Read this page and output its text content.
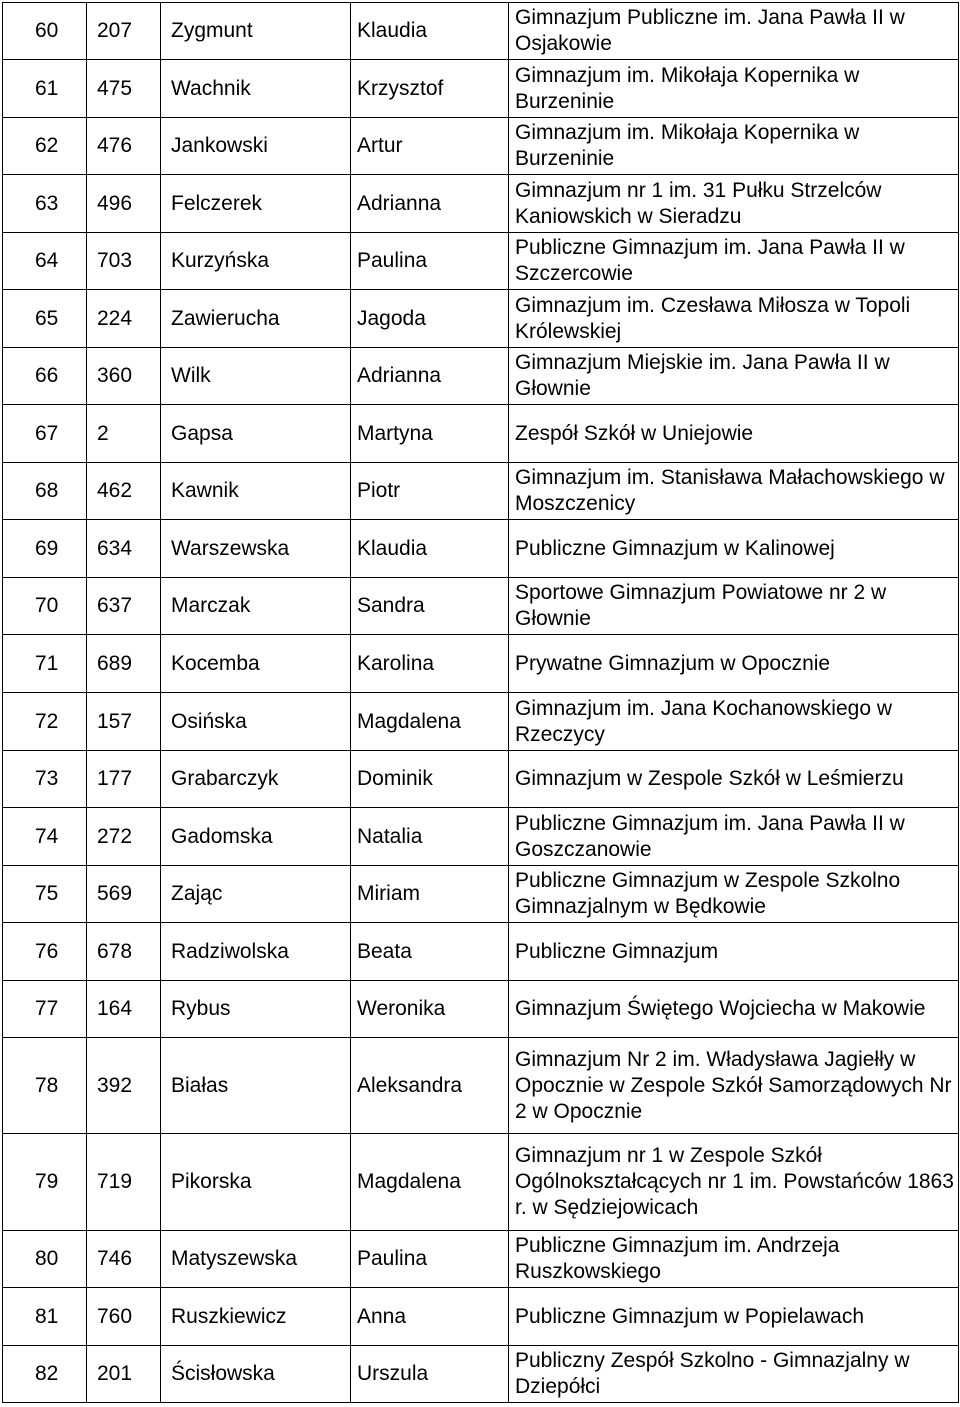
60	207	Zygmunt	Klaudia	Gimnazjum Publiczne im. Jana Pawła II w Osjakowie
61	475	Wachnik	Krzysztof	Gimnazjum im. Mikołaja Kopernika w Burzeninie
62	476	Jankowski	Artur	Gimnazjum im. Mikołaja Kopernika w Burzeninie
63	496	Felczerek	Adrianna	Gimnazjum nr 1 im. 31 Pułku Strzelców Kaniowskich w Sieradzu
64	703	Kurzyńska	Paulina	Publiczne Gimnazjum im. Jana Pawła II w Szczercowie
65	224	Zawierucha	Jagoda	Gimnazjum im. Czesława Miłosza w Topoli Królewskiej
66	360	Wilk	Adrianna	Gimnazjum Miejskie im. Jana Pawła II w Głownie
67	2	Gapsa	Martyna	Zespół Szkół w Uniejowie
68	462	Kawnik	Piotr	Gimnazjum im. Stanisława Małachowskiego w Moszczenicy
69	634	Warszewska	Klaudia	Publiczne Gimnazjum w Kalinowej
70	637	Marczak	Sandra	Sportowe Gimnazjum Powiatowe nr 2 w Głownie
71	689	Kocemba	Karolina	Prywatne Gimnazjum w Opocznie
72	157	Osińska	Magdalena	Gimnazjum im. Jana Kochanowskiego w Rzeczycy
73	177	Grabarczyk	Dominik	Gimnazjum w Zespole Szkół w Leśmierzu
74	272	Gadomska	Natalia	Publiczne Gimnazjum im. Jana Pawła II w Goszczanowie
75	569	Zając	Miriam	Publiczne Gimnazjum w Zespole Szkolno Gimnazjalnym w Będkowie
76	678	Radziwolska	Beata	Publiczne Gimnazjum
77	164	Rybus	Weronika	Gimnazjum Świętego Wojciecha w Makowie
78	392	Białas	Aleksandra	Gimnazjum Nr 2 im. Władysława Jagiełły w Opocznie w Zespole Szkół Samorządowych Nr 2 w Opocznie
79	719	Pikorska	Magdalena	Gimnazjum nr 1 w Zespole Szkół Ogólnokształcących nr 1 im. Powstańców 1863 r. w Sędziejowicach
80	746	Matyszewska	Paulina	Publiczne Gimnazjum im. Andrzeja Ruszkowskiego
81	760	Ruszkiewicz	Anna	Publiczne Gimnazjum w Popielawach
82	201	Ścisłowska	Urszula	Publiczny Zespół Szkolno - Gimnazjalny w Dziepółci
